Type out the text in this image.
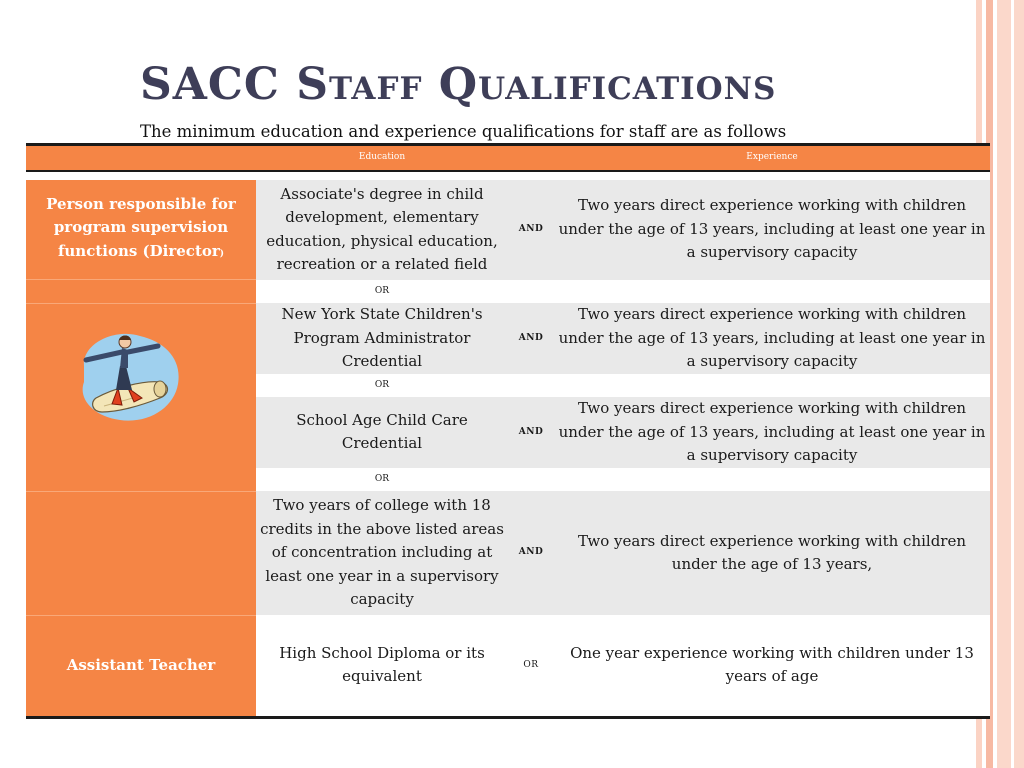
SACC Staff Qualifications

The minimum education and experience qualifications for staff are as follows

	Education		Experience

Person responsible for program supervision functions (Director)	Associate's degree in child development, elementary education, physical education, recreation or a related field	AND	Two years direct experience working with children under the age of 13 years, including at least one year in a supervisory capacity
	OR		
	New York State Children's Program Administrator Credential	AND	Two years direct experience working with children under the age of 13 years, including at least one year in a supervisory capacity
	OR		
	School Age Child Care Credential	AND	Two years direct experience working with children under the age of 13 years, including at least one year in a supervisory capacity
	OR		
	Two years of college with 18 credits in the above listed areas of concentration including at least one year in a supervisory capacity	AND	Two years direct experience working with children under the age of 13 years,
Assistant Teacher	High School Diploma or its equivalent	OR	One year experience working with children under 13 years of age
